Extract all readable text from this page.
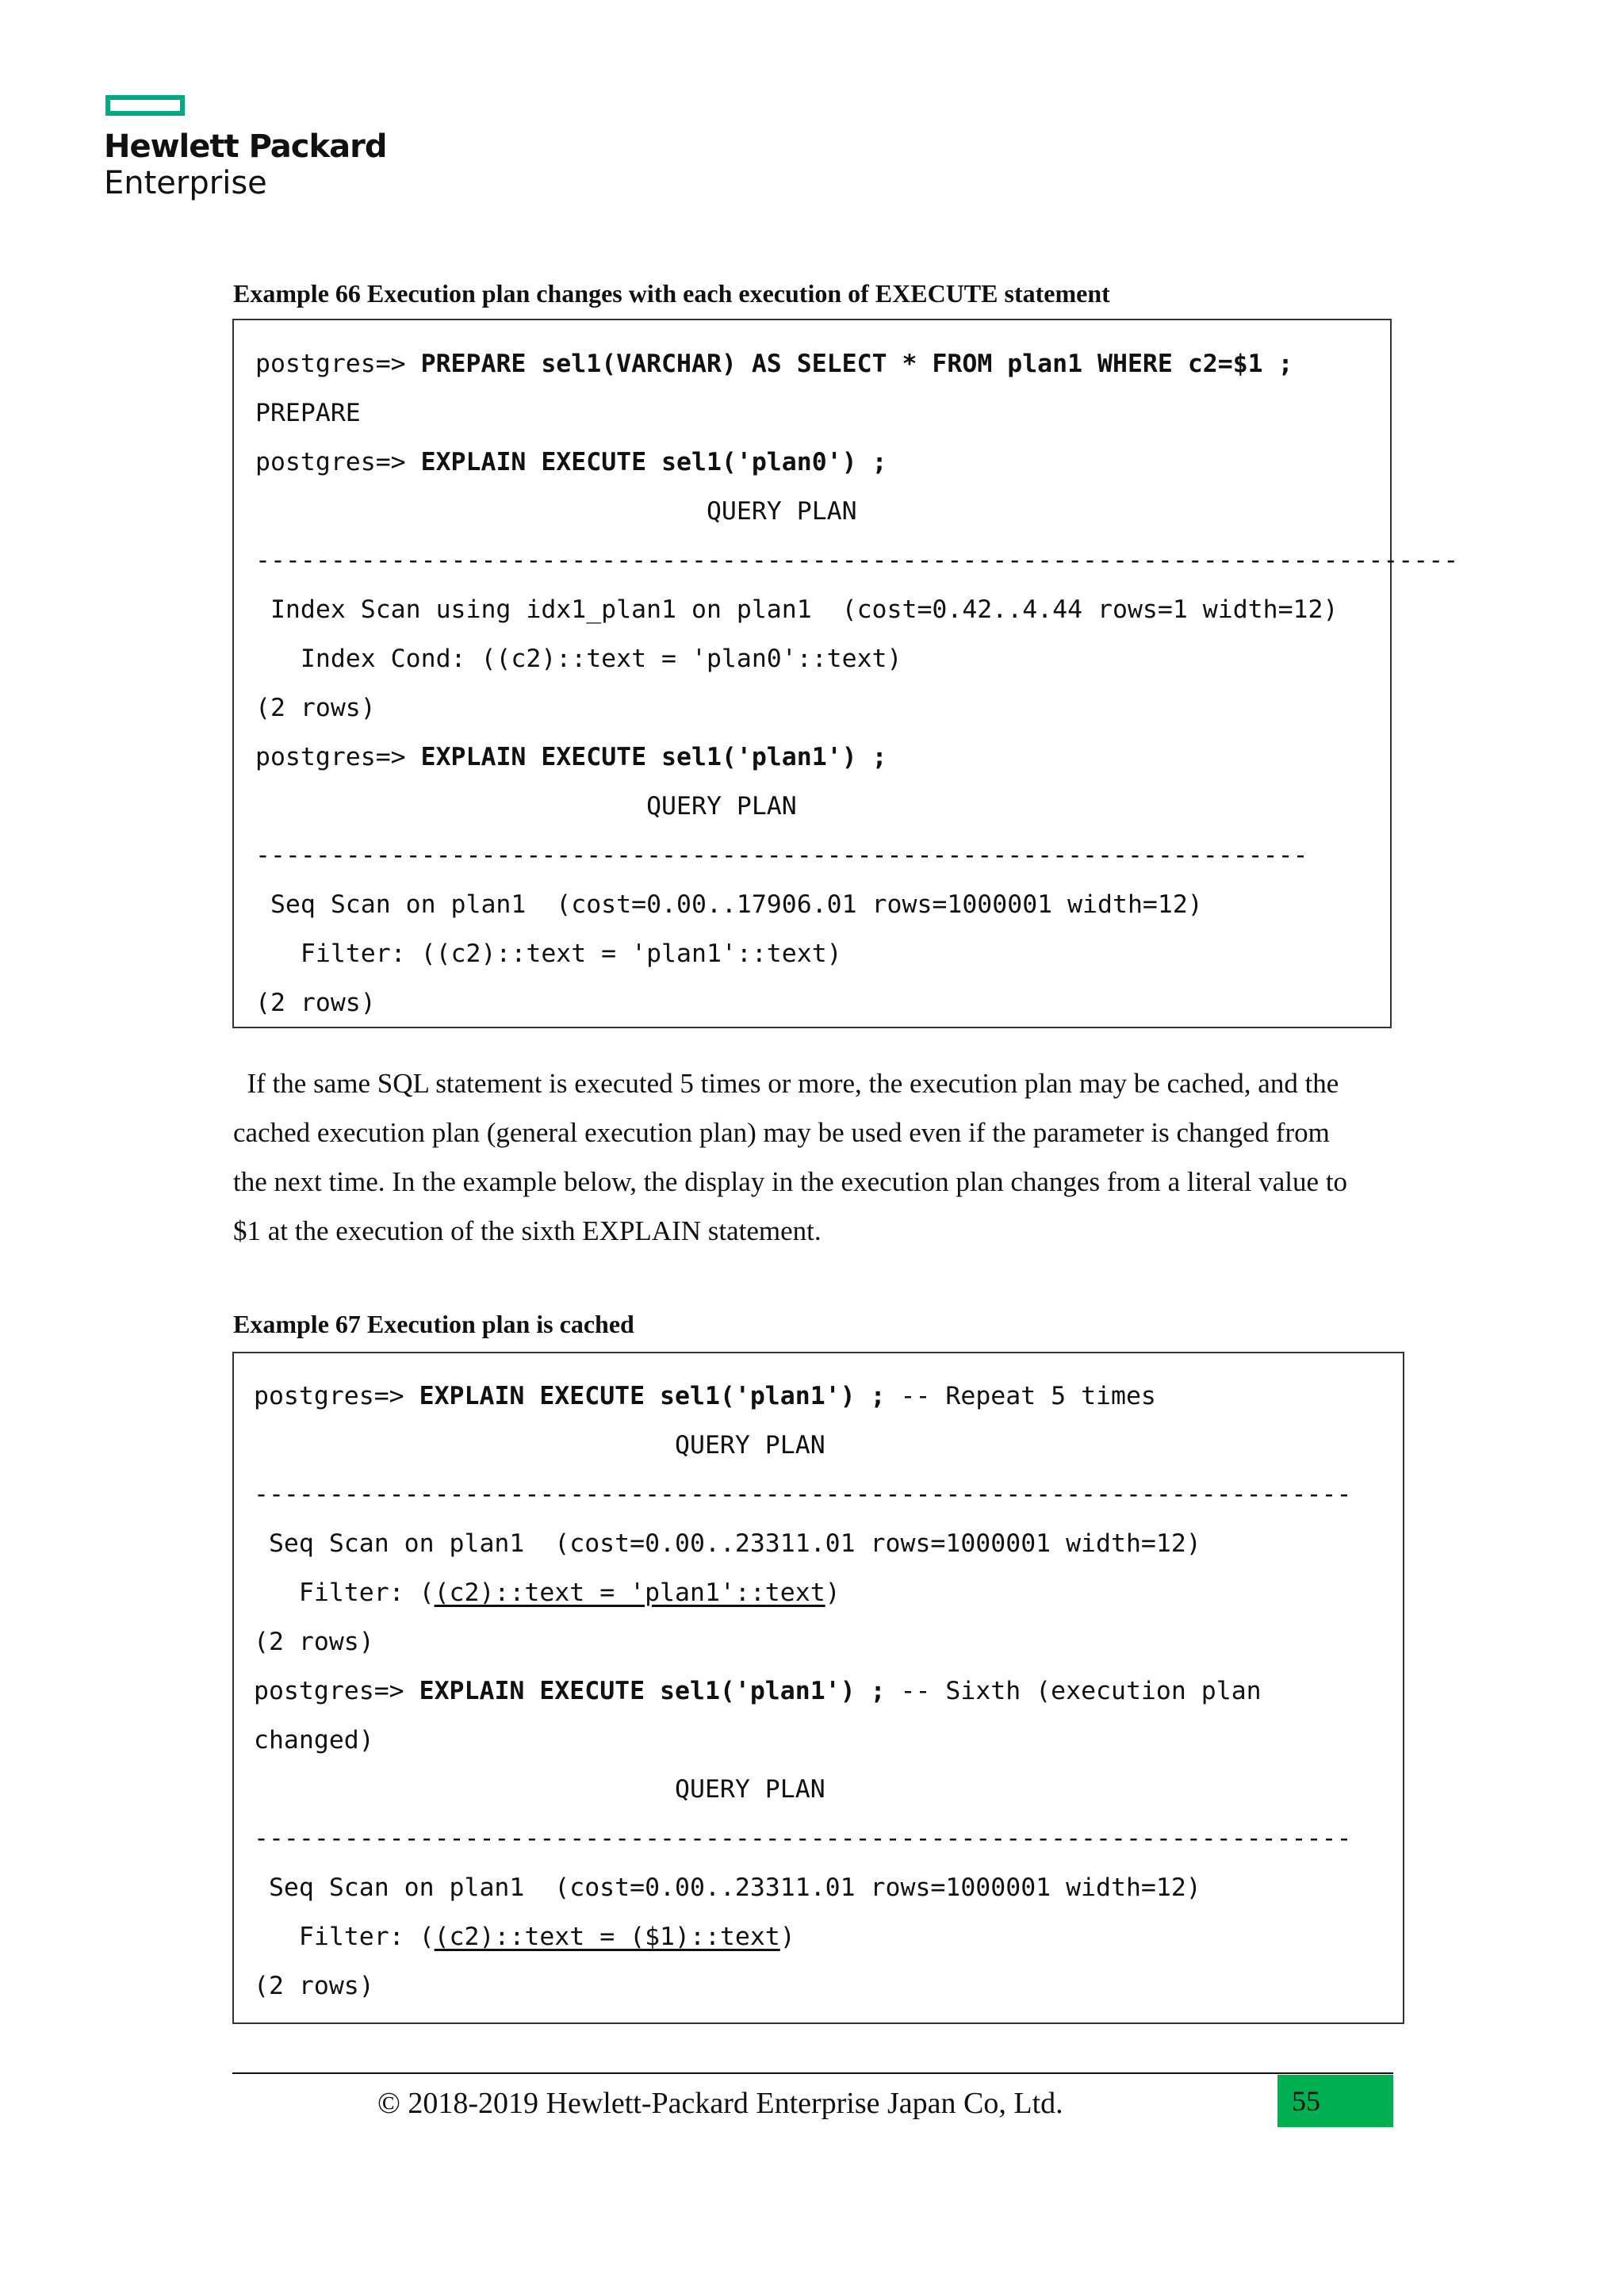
Hewlett Packard
Enterprise
Example 66 Execution plan changes with each execution of EXECUTE statement
postgres=> PREPARE sel1(VARCHAR) AS SELECT * FROM plan1 WHERE c2=$1 ;
PREPARE
postgres=> EXPLAIN EXECUTE sel1('plan0') ;
QUERY PLAN
--------------------------------------------------------------------------------
Index Scan using idx1_plan1 on plan1  (cost=0.42..4.44 rows=1 width=12)
Index Cond: ((c2)::text = 'plan0'::text)
(2 rows)
postgres=> EXPLAIN EXECUTE sel1('plan1') ;
QUERY PLAN
----------------------------------------------------------------------
Seq Scan on plan1  (cost=0.00..17906.01 rows=1000001 width=12)
Filter: ((c2)::text = 'plan1'::text)
(2 rows)
If the same SQL statement is executed 5 times or more, the execution plan may be cached, and the
cached execution plan (general execution plan) may be used even if the parameter is changed from
the next time. In the example below, the display in the execution plan changes from a literal value to
$1 at the execution of the sixth EXPLAIN statement.
Example 67 Execution plan is cached
postgres=> EXPLAIN EXECUTE sel1('plan1') ; -- Repeat 5 times
QUERY PLAN
-------------------------------------------------------------------------
Seq Scan on plan1  (cost=0.00..23311.01 rows=1000001 width=12)
Filter: ((c2)::text = 'plan1'::text)
(2 rows)
postgres=> EXPLAIN EXECUTE sel1('plan1') ; -- Sixth (execution plan
changed)
QUERY PLAN
-------------------------------------------------------------------------
Seq Scan on plan1  (cost=0.00..23311.01 rows=1000001 width=12)
Filter: ((c2)::text = ($1)::text)
(2 rows)
© 2018-2019 Hewlett-Packard Enterprise Japan Co, Ltd.	55
